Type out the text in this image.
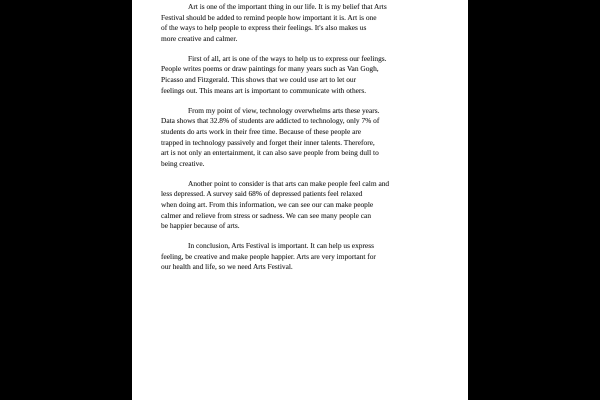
Art is one of the important thing in our life. It is my belief that Arts
Festival should be added to remind people how important it is. Art is one
of the ways to help people to express their feelings. It's also makes us
more creative and calmer.
First of all, art is one of the ways to help us to express our feelings.
People writes poems or draw paintings for many years such as Van Gogh,
Picasso and Fitzgerald. This shows that we could use art to let our
feelings out. This means art is important to communicate with others.
From my point of view, technology overwhelms arts these years.
Data shows that 32.8% of students are addicted to technology, only 7% of
students do arts work in their free time. Because of these people are
trapped in technology passively and forget their inner talents. Therefore,
art is not only an entertainment, it can also save people from being dull to
being creative.
Another point to consider is that arts can make people feel calm and
less depressed. A survey said 68% of depressed patients feel relaxed
when doing art. From this information, we can see our can make people
calmer and relieve from stress or sadness. We can see many people can
be happier because of arts.
In conclusion, Arts Festival is important. It can help us express
feeling, be creative and make people happier. Arts are very important for
our health and life, so we need Arts Festival.
